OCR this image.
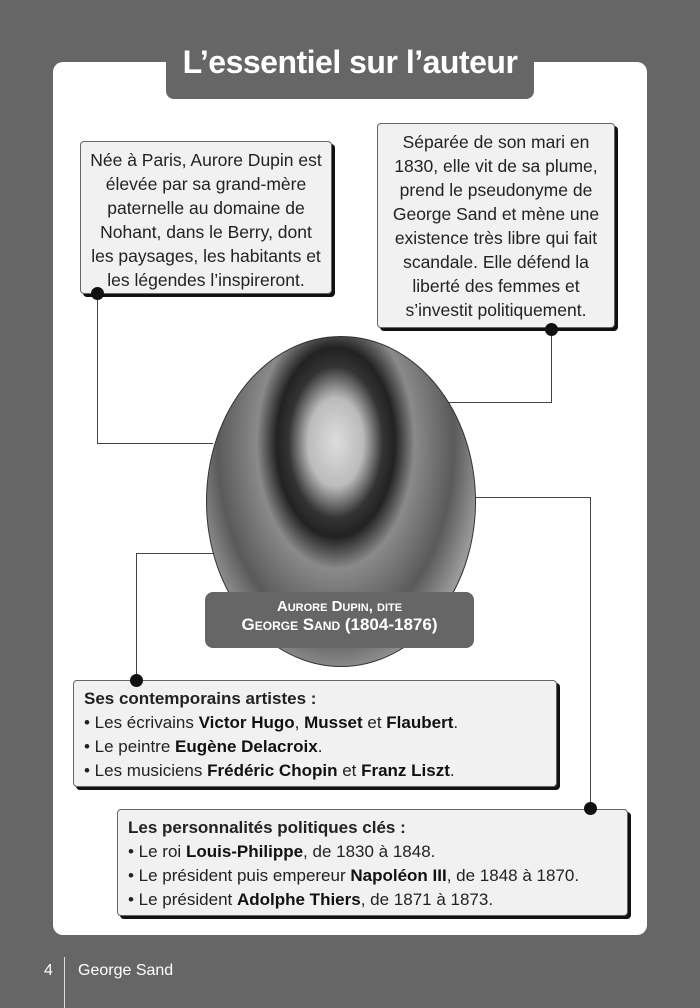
L’essentiel sur l’auteur
Née à Paris, Aurore Dupin est élevée par sa grand-mère paternelle au domaine de Nohant, dans le Berry, dont les paysages, les habitants et les légendes l’inspireront.
Séparée de son mari en 1830, elle vit de sa plume, prend le pseudonyme de George Sand et mène une existence très libre qui fait scandale. Elle défend la liberté des femmes et s’investit politiquement.
Aurore Dupin, dite
George Sand (1804-1876)
Ses contemporains artistes :
• Les écrivains Victor Hugo, Musset et Flaubert.
• Le peintre Eugène Delacroix.
• Les musiciens Frédéric Chopin et Franz Liszt.
Les personnalités politiques clés :
• Le roi Louis-Philippe, de 1830 à 1848.
• Le président puis empereur Napoléon III, de 1848 à 1870.
• Le président Adolphe Thiers, de 1871 à 1873.
4 George Sand
